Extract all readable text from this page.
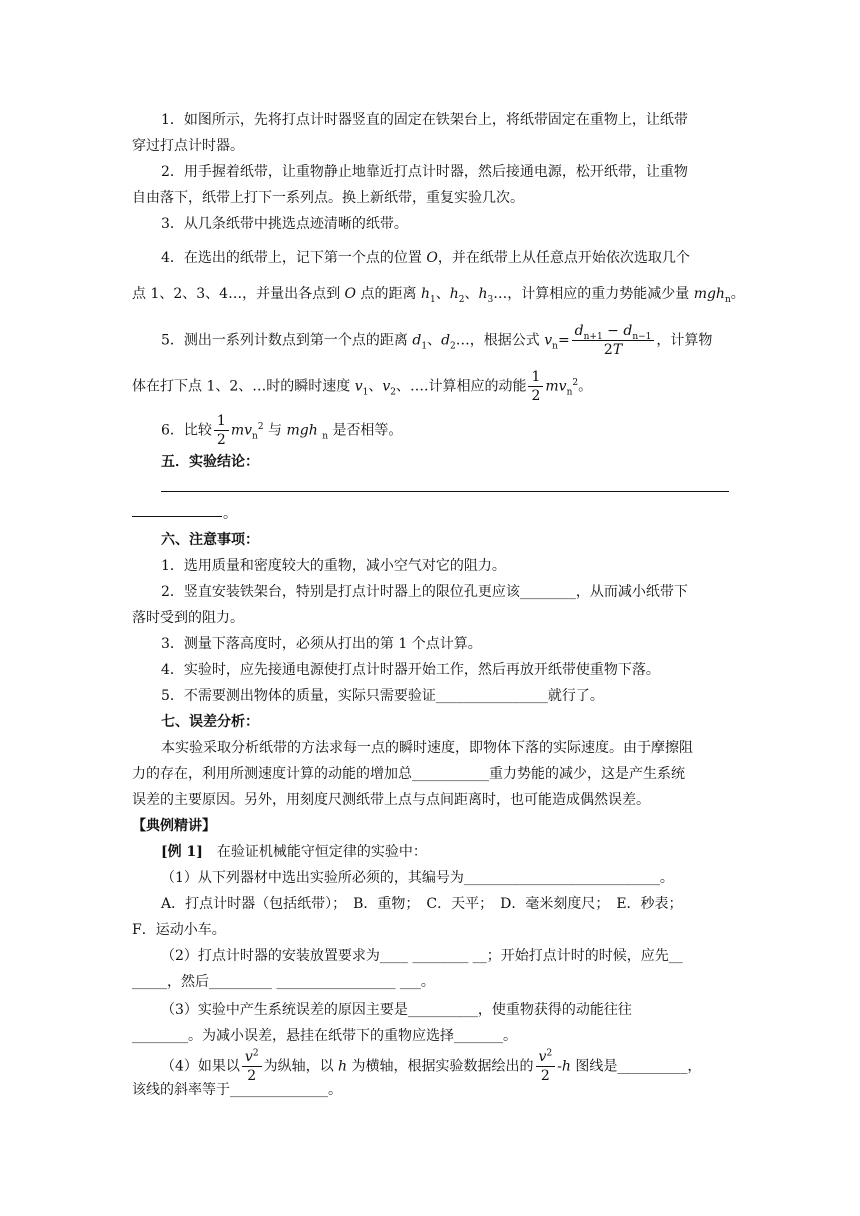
1．如图所示，先将打点计时器竖直的固定在铁架台上，将纸带固定在重物上，让纸带
穿过打点计时器。
2．用手握着纸带，让重物静止地靠近打点计时器，然后接通电源，松开纸带，让重物
自由落下，纸带上打下一系列点。换上新纸带，重复实验几次。
3．从几条纸带中挑选点迹清晰的纸带。
4．在选出的纸带上，记下第一个点的位置 O，并在纸带上从任意点开始依次选取几个
点 1、2、3、4…，并量出各点到 O 点的距离 $h_1$、$h_2$、$h_3\dots$，计算相应的重力势能减少量 mgh$_n$。
5．测出一系列计数点到第一个点的距离 $d_1$、$d_2\dots$，根据公式 $v_n= \frac{d_{n+1} - d_{n-1}}{2T}$ ，计算物
体在打下点 1、2、…时的瞬时速度 $v_1$、$v_2$、….计算相应的动能 $\frac{1}{2} mv_n^2$。
6．比较 $\frac{1}{2} mv_n^2$ 与 mgh $_n$ 是否相等。
五．实验结论：
。
六、注意事项：
1．选用质量和密度较大的重物，减小空气对它的阻力。
2．竖直安装铁架台，特别是打点计时器上的限位孔更应该________，从而减小纸带下
落时受到的阻力。
3．测量下落高度时，必须从打出的第 1 个点计算。
4．实验时，应先接通电源使打点计时器开始工作，然后再放开纸带使重物下落。
5．不需要测出物体的质量，实际只需要验证________________就行了。
七、误差分析：
本实验采取分析纸带的方法求每一点的瞬时速度，即物体下落的实际速度。由于摩擦阻
力的存在，利用所测速度计算的动能的增加总___________重力势能的减少，这是产生系统
误差的主要原因。另外，用刻度尺测纸带上点与点间距离时，也可能造成偶然误差。
【典例精讲】
[例 1]　 在验证机械能守恒定律的实验中：
（1）从下列器材中选出实验所必须的，其编号为____________________________。
A．打点计时器（包括纸带）；　B．重物；　C．天平；　D．毫米刻度尺；　E．秒表；
F．运动小车。
（2）打点计时器的安装放置要求为____ ________ __；开始打点计时的时候，应先__
_____，然后_________ _________________ ___。
（3）实验中产生系统误差的原因主要是__________，使重物获得的动能往往
________。为减小误差，悬挂在纸带下的重物应选择_______。
（4）如果以 $\frac{v^2}{2}$ 为纵轴，以 h 为横轴，根据实验数据绘出的 $\frac{v^2}{2} -h$ 图线是__________，
该线的斜率等于______________。
